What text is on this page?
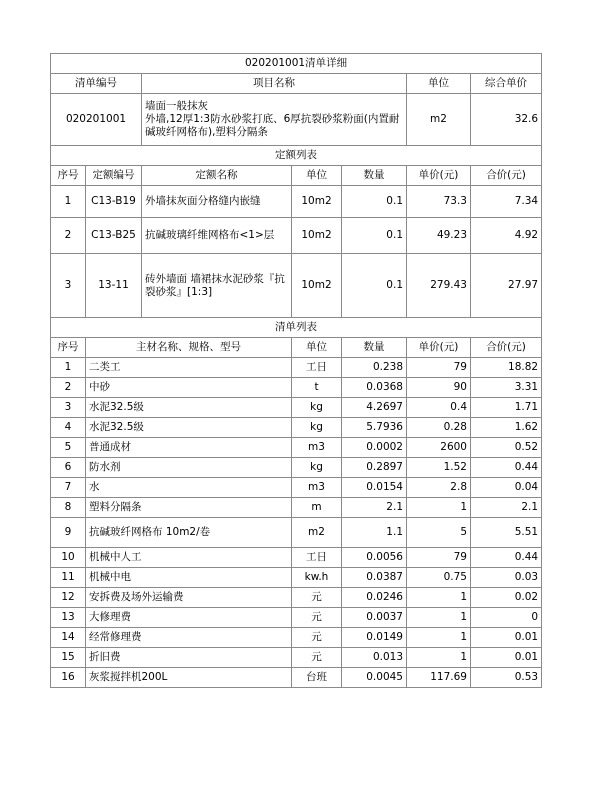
020201001清单详细						
清单编号		项目名称			单位	综合单价
020201001		墙面一般抹灰
外墙,12厚1:3防水砂浆打底、6厚抗裂砂浆粉面(内置耐碱玻纤网格布),塑料分隔条			m2	32.6
定额列表						
序号	定额编号	定额名称	单位	数量	单价(元)	合价(元)
1	C13-B19	外墙抹灰面分格缝内嵌缝	10m2	0.1	73.3	7.34
2	C13-B25	抗碱玻璃纤维网格布<1>层	10m2	0.1	49.23	4.92
3	13-11	砖外墙面 墙裙抹水泥砂浆『抗裂砂浆』[1:3]	10m2	0.1	279.43	27.97
清单列表						
序号	主材名称、规格、型号		单位	数量	单价(元)	合价(元)
1	二类工		工日	0.238	79	18.82
2	中砂		t	0.0368	90	3.31
3	水泥32.5级		kg	4.2697	0.4	1.71
4	水泥32.5级		kg	5.7936	0.28	1.62
5	普通成材		m3	0.0002	2600	0.52
6	防水剂		kg	0.2897	1.52	0.44
7	水		m3	0.0154	2.8	0.04
8	塑料分隔条		m	2.1	1	2.1
9	抗碱玻纤网格布 10m2/卷		m2	1.1	5	5.51
10	机械中人工		工日	0.0056	79	0.44
11	机械中电		kw.h	0.0387	0.75	0.03
12	安拆费及场外运输费		元	0.0246	1	0.02
13	大修理费		元	0.0037	1	0
14	经常修理费		元	0.0149	1	0.01
15	折旧费		元	0.013	1	0.01
16	灰浆搅拌机200L		台班	0.0045	117.69	0.53
